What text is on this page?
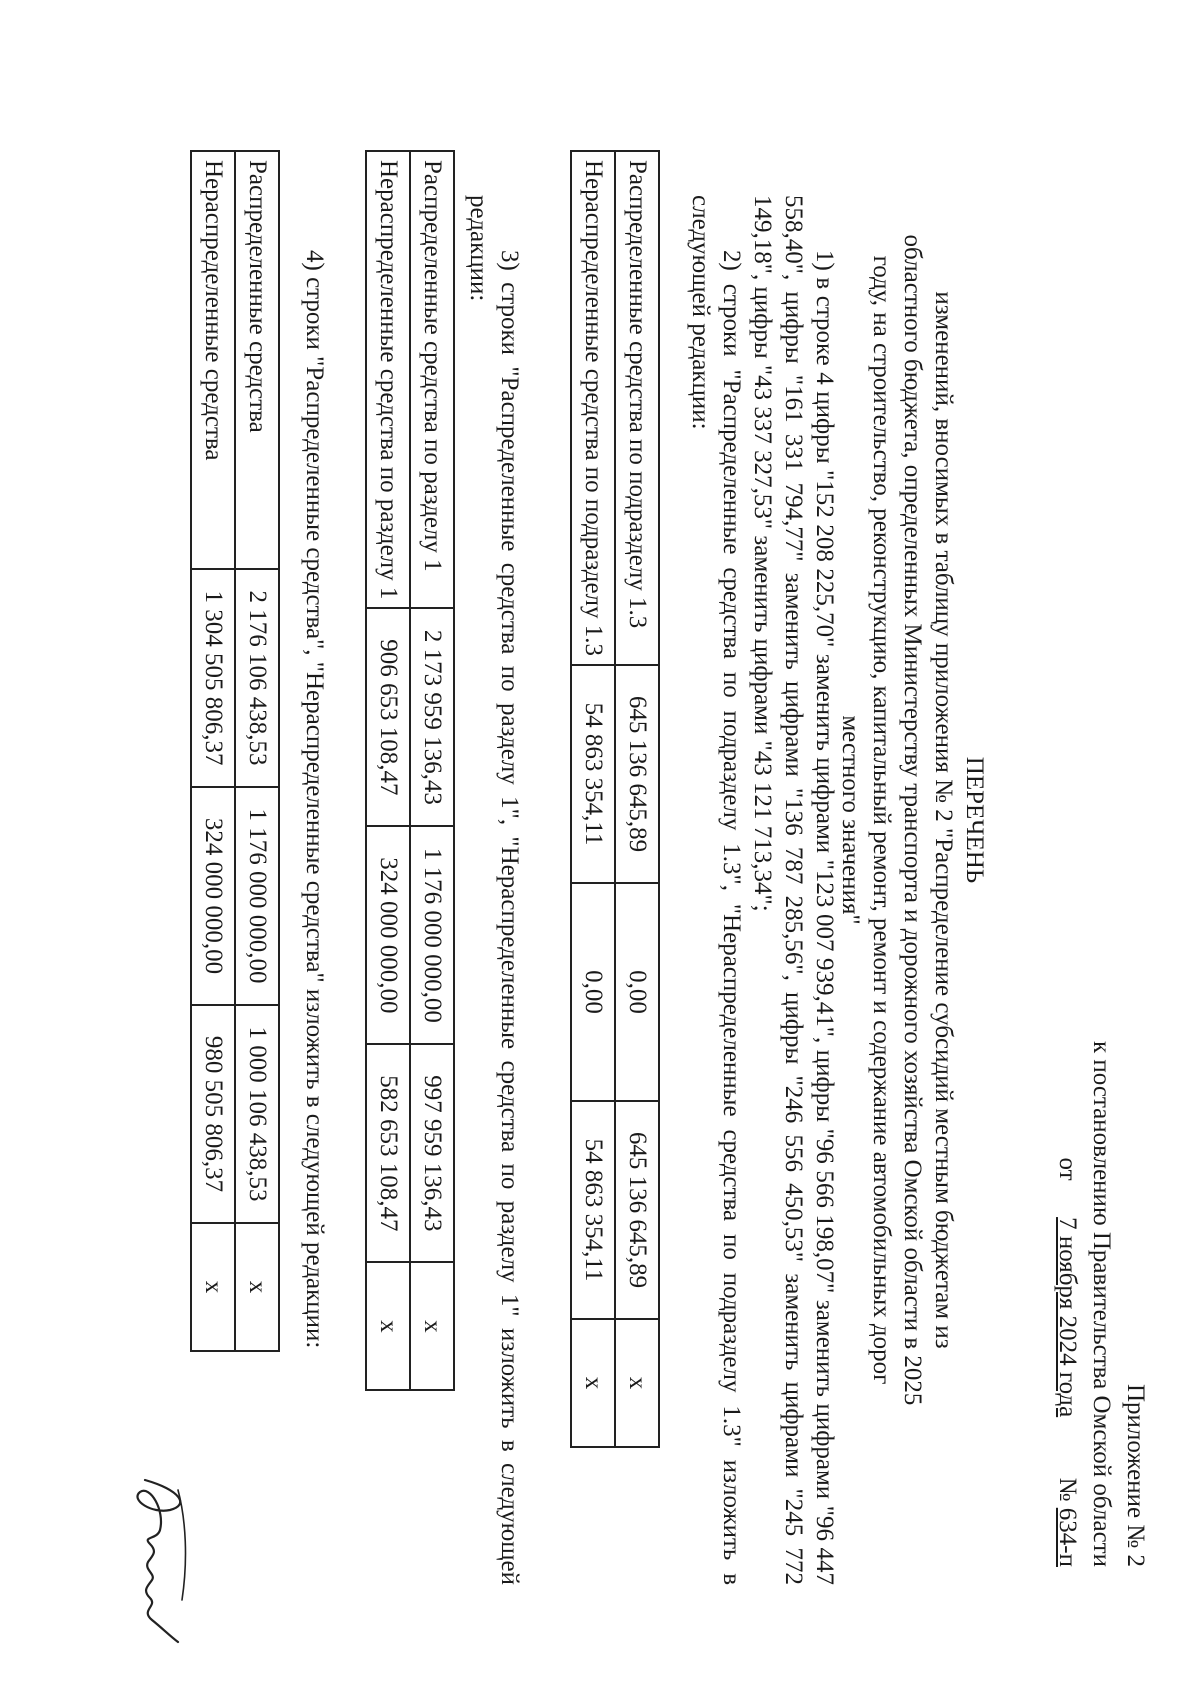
Приложение № 2
к постановлению Правительства Омской области
от  7 ноября 2024 года  № 634-п
ПЕРЕЧЕНЬ
изменений, вносимых в таблицу приложения № 2 "Распределение субсидий местным бюджетам из областного бюджета, определенных Министерству транспорта и дорожного хозяйства Омской области в 2025 году, на строительство, реконструкцию, капитальный ремонт, ремонт и содержание автомобильных дорог местного значения"
1) в строке 4 цифры "152 208 225,70" заменить цифрами "123 007 939,41", цифры "96 566 198,07" заменить цифрами "96 447 558,40", цифры "161 331 794,77" заменить цифрами "136 787 285,56", цифры "246 556 450,53" заменить цифрами "245 772 149,18", цифры "43 337 327,53" заменить цифрами "43 121 713,34";
2) строки "Распределенные средства по подразделу 1.3", "Нераспределенные средства по подразделу 1.3" изложить в следующей редакции:
Распределенные средства по подразделу 1.3	645 136 645,89	0,00	645 136 645,89	х
Нераспределенные средства по подразделу 1.3	54 863 354,11	0,00	54 863 354,11	х
3) строки "Распределенные средства по разделу 1", "Нераспределенные средства по разделу 1" изложить в следующей редакции:
Распределенные средства по разделу 1	2 173 959 136,43	1 176 000 000,00	997 959 136,43	х
Нераспределенные средства по разделу 1	906 653 108,47	324 000 000,00	582 653 108,47	х
4) строки "Распределенные средства", "Нераспределенные средства" изложить в следующей редакции:
Распределенные средства	2 176 106 438,53	1 176 000 000,00	1 000 106 438,53	х
Нераспределенные средства	1 304 505 806,37	324 000 000,00	980 505 806,37	х
